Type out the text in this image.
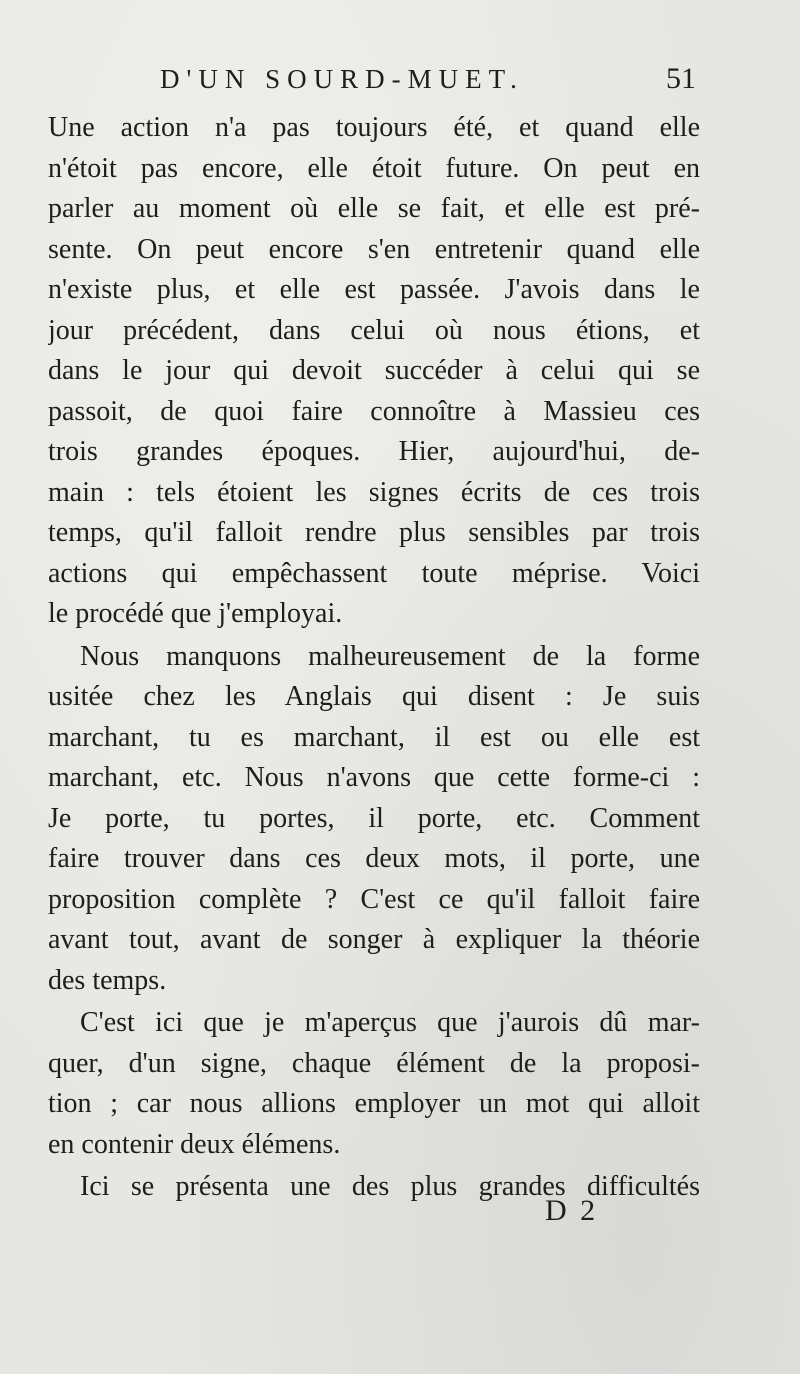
D'UN SOURD-MUET.	51
Une action n'a pas toujours été, et quand elle
n'étoit pas encore, elle étoit future. On peut en
parler au moment où elle se fait, et elle est pré-
sente. On peut encore s'en entretenir quand elle
n'existe plus, et elle est passée. J'avois dans le
jour précédent, dans celui où nous étions, et
dans le jour qui devoit succéder à celui qui se
passoit, de quoi faire connoître à Massieu ces
trois grandes époques. Hier, aujourd'hui, de-
main : tels étoient les signes écrits de ces trois
temps, qu'il falloit rendre plus sensibles par trois
actions qui empêchassent toute méprise. Voici
le procédé que j'employai.
Nous manquons malheureusement de la forme
usitée chez les Anglais qui disent : Je suis
marchant, tu es marchant, il est ou elle est
marchant, etc. Nous n'avons que cette forme-ci :
Je porte, tu portes, il porte, etc. Comment
faire trouver dans ces deux mots, il porte, une
proposition complète ? C'est ce qu'il falloit faire
avant tout, avant de songer à expliquer la théorie
des temps.
C'est ici que je m'aperçus que j'aurois dû mar-
quer, d'un signe, chaque élément de la proposi-
tion ; car nous allions employer un mot qui alloit
en contenir deux élémens.
Ici se présenta une des plus grandes difficultés
D 2
